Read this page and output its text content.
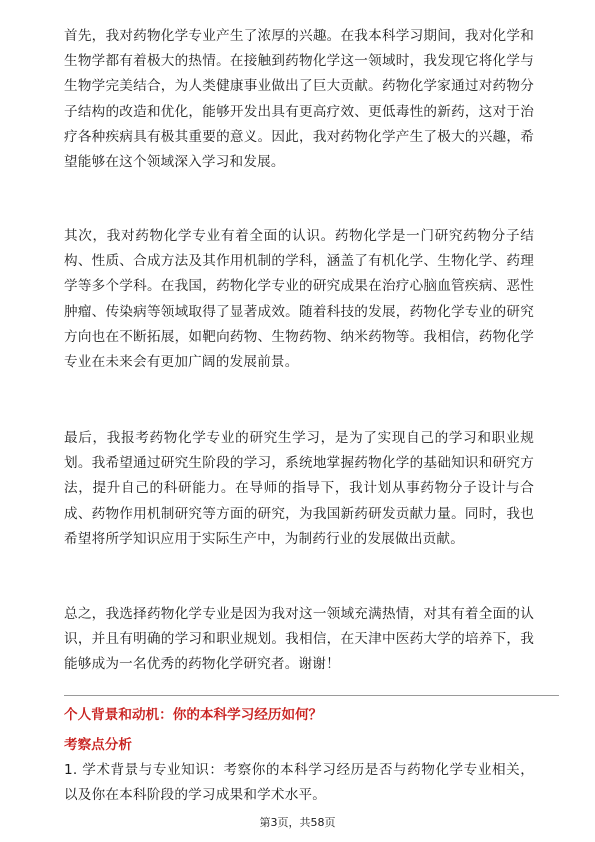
首先，我对药物化学专业产生了浓厚的兴趣。在我本科学习期间，我对化学和生物学都有着极大的热情。在接触到药物化学这一领域时，我发现它将化学与生物学完美结合，为人类健康事业做出了巨大贡献。药物化学家通过对药物分子结构的改造和优化，能够开发出具有更高疗效、更低毒性的新药，这对于治疗各种疾病具有极其重要的意义。因此，我对药物化学产生了极大的兴趣，希望能够在这个领域深入学习和发展。

其次，我对药物化学专业有着全面的认识。药物化学是一门研究药物分子结构、性质、合成方法及其作用机制的学科，涵盖了有机化学、生物化学、药理学等多个学科。在我国，药物化学专业的研究成果在治疗心脑血管疾病、恶性肿瘤、传染病等领域取得了显著成效。随着科技的发展，药物化学专业的研究方向也在不断拓展，如靶向药物、生物药物、纳米药物等。我相信，药物化学专业在未来会有更加广阔的发展前景。

最后，我报考药物化学专业的研究生学习，是为了实现自己的学习和职业规划。我希望通过研究生阶段的学习，系统地掌握药物化学的基础知识和研究方法，提升自己的科研能力。在导师的指导下，我计划从事药物分子设计与合成、药物作用机制研究等方面的研究，为我国新药研发贡献力量。同时，我也希望将所学知识应用于实际生产中，为制药行业的发展做出贡献。

总之，我选择药物化学专业是因为我对这一领域充满热情，对其有着全面的认识，并且有明确的学习和职业规划。我相信，在天津中医药大学的培养下，我能够成为一名优秀的药物化学研究者。谢谢！

个人背景和动机：你的本科学习经历如何？

考察点分析

1. 学术背景与专业知识：考察你的本科学习经历是否与药物化学专业相关，以及你在本科阶段的学习成果和学术水平。

第3页，共58页
